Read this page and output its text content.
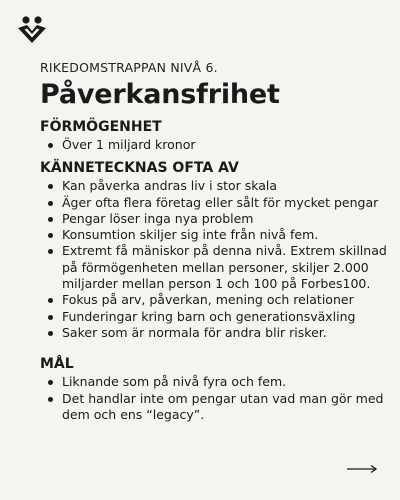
RIKEDOMSTRAPPAN NIVÅ 6.

Påverkansfrihet
FÖRMÖGENHET
Över 1 miljard kronor
KÄNNETECKNAS OFTA AV
Kan påverka andras liv i stor skala
Äger ofta flera företag eller sålt för mycket pengar
Pengar löser inga nya problem
Konsumtion skiljer sig inte från nivå fem.
Extremt få mäniskor på denna nivå. Extrem skillnad på förmögenheten mellan personer, skiljer 2.000 miljarder mellan person 1 och 100 på Forbes100.
Fokus på arv, påverkan, mening och relationer
Funderingar kring barn och generationsväxling
Saker som är normala för andra blir risker.
MÅL
Liknande som på nivå fyra och fem.
Det handlar inte om pengar utan vad man gör med dem och ens “legacy”.
